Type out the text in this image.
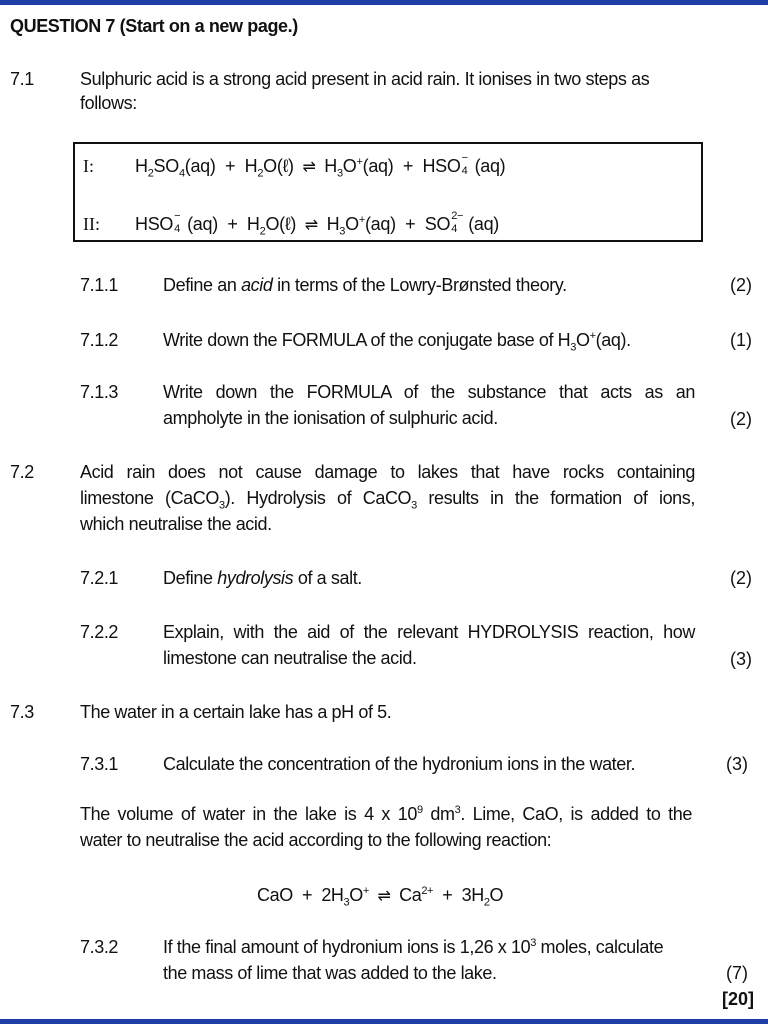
QUESTION 7 (Start on a new page.)
7.1	Sulphuric acid is a strong acid present in acid rain. It ionises in two steps as
follows:
I: $H_2SO_4(aq)$  +  $H_2O(\ell)$ ⇌ $H_3O^+(aq)$  +  HSO −
4 (aq)
II: HSO −
4 $(aq) + H_2O(\ell)$ ⇌ $H_3O^+(aq)$  +  SO 2−
4 (aq)
7.1.1 Define an acid in terms of the Lowry-Brønsted theory.	(2)
7.1.2 Write down the FORMULA of the conjugate base of $H_3O^+(aq)$.	(1)
7.1.3 Write down the FORMULA of the substance that acts as an
ampholyte in the ionisation of sulphuric acid.	(2)
7.2	Acid rain does not cause damage to lakes that have rocks containing
limestone (CaCO$_3$). Hydrolysis of CaCO$_3$ results in the formation of ions,
which neutralise the acid.
7.2.1 Define hydrolysis of a salt.	(2)
7.2.2 Explain, with the aid of the relevant HYDROLYSIS reaction, how
limestone can neutralise the acid.	(3)
7.3	The water in a certain lake has a pH of 5.
7.3.1 Calculate the concentration of the hydronium ions in the water.	(3)
The volume of water in the lake is 4 x $10^9$ $dm^3$. Lime, CaO, is added to the
water to neutralise the acid according to the following reaction:
CaO  +  $2H_3O^+$ ⇌ $Ca^{2+} + 3H_2O$
7.3.2 If the final amount of hydronium ions is 1,26 x $10^3$ moles, calculate
the mass of lime that was added to the lake.	(7)
[20]
